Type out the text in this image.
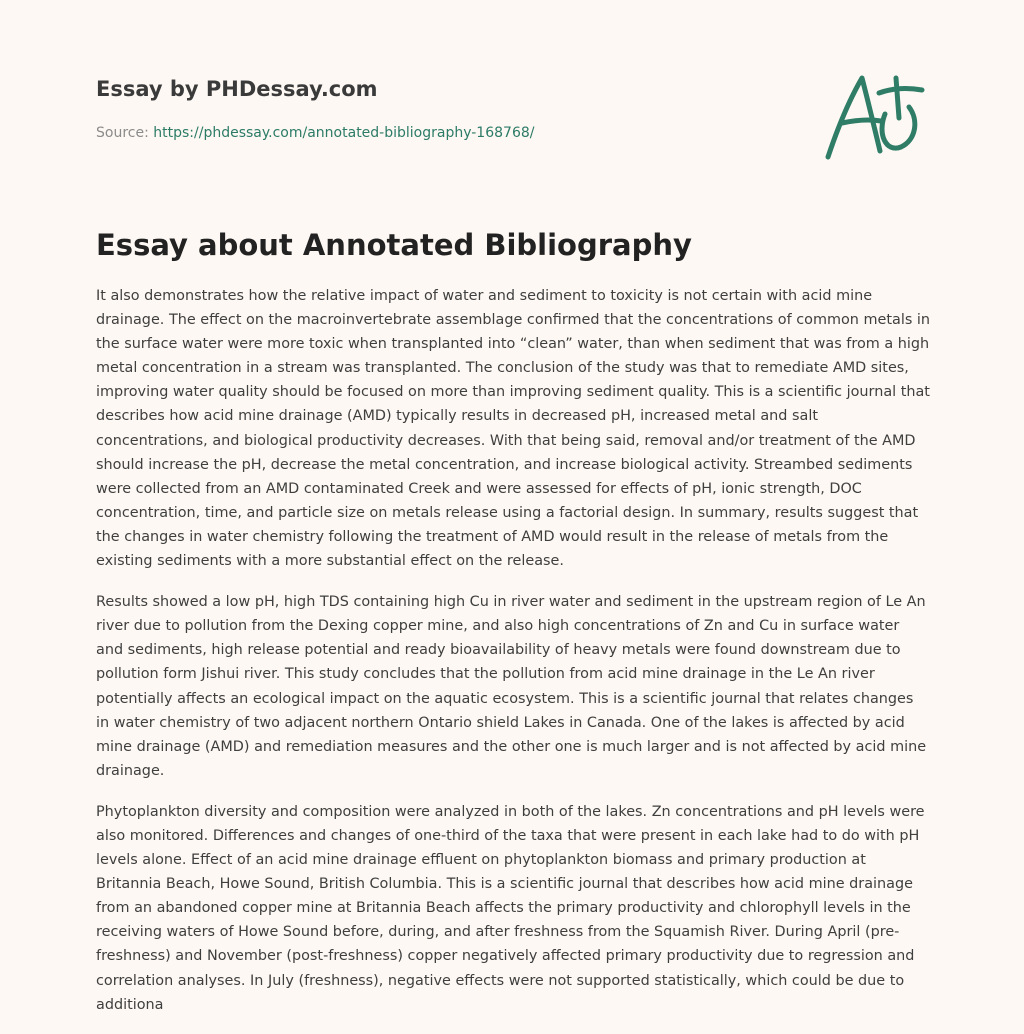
Essay by PHDessay.com
Source: https://phdessay.com/annotated-bibliography-168768/
Essay about Annotated Bibliography

It also demonstrates how the relative impact of water and sediment to toxicity is not certain with acid mine drainage. The effect on the macroinvertebrate assemblage confirmed that the concentrations of common metals in the surface water were more toxic when transplanted into “clean” water, than when sediment that was from a high metal concentration in a stream was transplanted. The conclusion of the study was that to remediate AMD sites, improving water quality should be focused on more than improving sediment quality. This is a scientific journal that describes how acid mine drainage (AMD) typically results in decreased pH, increased metal and salt concentrations, and biological productivity decreases. With that being said, removal and/or treatment of the AMD should increase the pH, decrease the metal concentration, and increase biological activity. Streambed sediments were collected from an AMD contaminated Creek and were assessed for effects of pH, ionic strength, DOC concentration, time, and particle size on metals release using a factorial design. In summary, results suggest that the changes in water chemistry following the treatment of AMD would result in the release of metals from the existing sediments with a more substantial effect on the release.

Results showed a low pH, high TDS containing high Cu in river water and sediment in the upstream region of Le An river due to pollution from the Dexing copper mine, and also high concentrations of Zn and Cu in surface water and sediments, high release potential and ready bioavailability of heavy metals were found downstream due to pollution form Jishui river. This study concludes that the pollution from acid mine drainage in the Le An river potentially affects an ecological impact on the aquatic ecosystem. This is a scientific journal that relates changes in water chemistry of two adjacent northern Ontario shield Lakes in Canada. One of the lakes is affected by acid mine drainage (AMD) and remediation measures and the other one is much larger and is not affected by acid mine drainage.

Phytoplankton diversity and composition were analyzed in both of the lakes. Zn concentrations and pH levels were also monitored. Differences and changes of one-third of the taxa that were present in each lake had to do with pH levels alone. Effect of an acid mine drainage effluent on phytoplankton biomass and primary production at Britannia Beach, Howe Sound, British Columbia. This is a scientific journal that describes how acid mine drainage from an abandoned copper mine at Britannia Beach affects the primary productivity and chlorophyll levels in the receiving waters of Howe Sound before, during, and after freshness from the Squamish River. During April (pre-freshness) and November (post-freshness) copper negatively affected primary productivity due to regression and correlation analyses. In July (freshness), negative effects were not supported statistically, which could be due to additiona
